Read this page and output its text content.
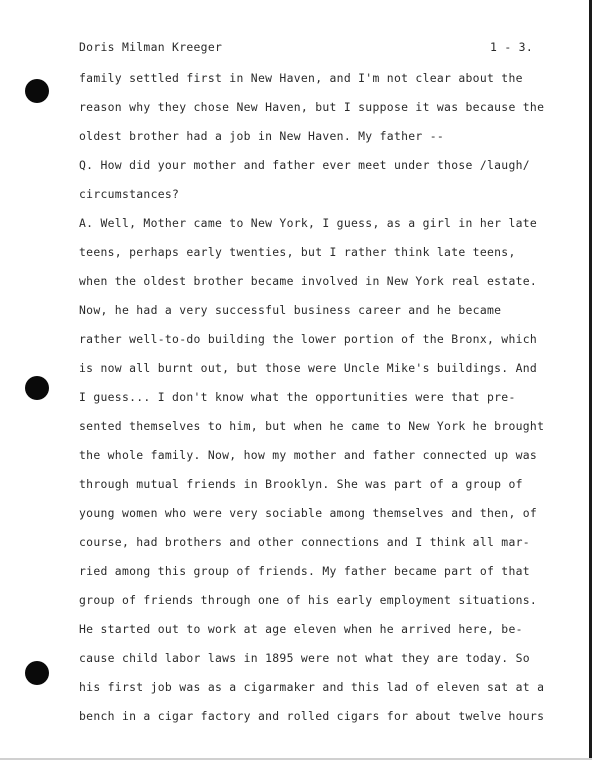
Doris Milman Kreeger	1 - 3.
family settled first in New Haven, and I'm not clear about the
reason why they chose New Haven, but I suppose it was because the
oldest brother had a job in New Haven. My father --
Q. How did your mother and father ever meet under those /laugh/
circumstances?
A. Well, Mother came to New York, I guess, as a girl in her late
teens, perhaps early twenties, but I rather think late teens,
when the oldest brother became involved in New York real estate.
Now, he had a very successful business career and he became
rather well-to-do building the lower portion of the Bronx, which
is now all burnt out, but those were Uncle Mike's buildings. And
I guess... I don't know what the opportunities were that pre-
sented themselves to him, but when he came to New York he brought
the whole family. Now, how my mother and father connected up was
through mutual friends in Brooklyn. She was part of a group of
young women who were very sociable among themselves and then, of
course, had brothers and other connections and I think all mar-
ried among this group of friends. My father became part of that
group of friends through one of his early employment situations.
He started out to work at age eleven when he arrived here, be-
cause child labor laws in 1895 were not what they are today. So
his first job was as a cigarmaker and this lad of eleven sat at a
bench in a cigar factory and rolled cigars for about twelve hours
